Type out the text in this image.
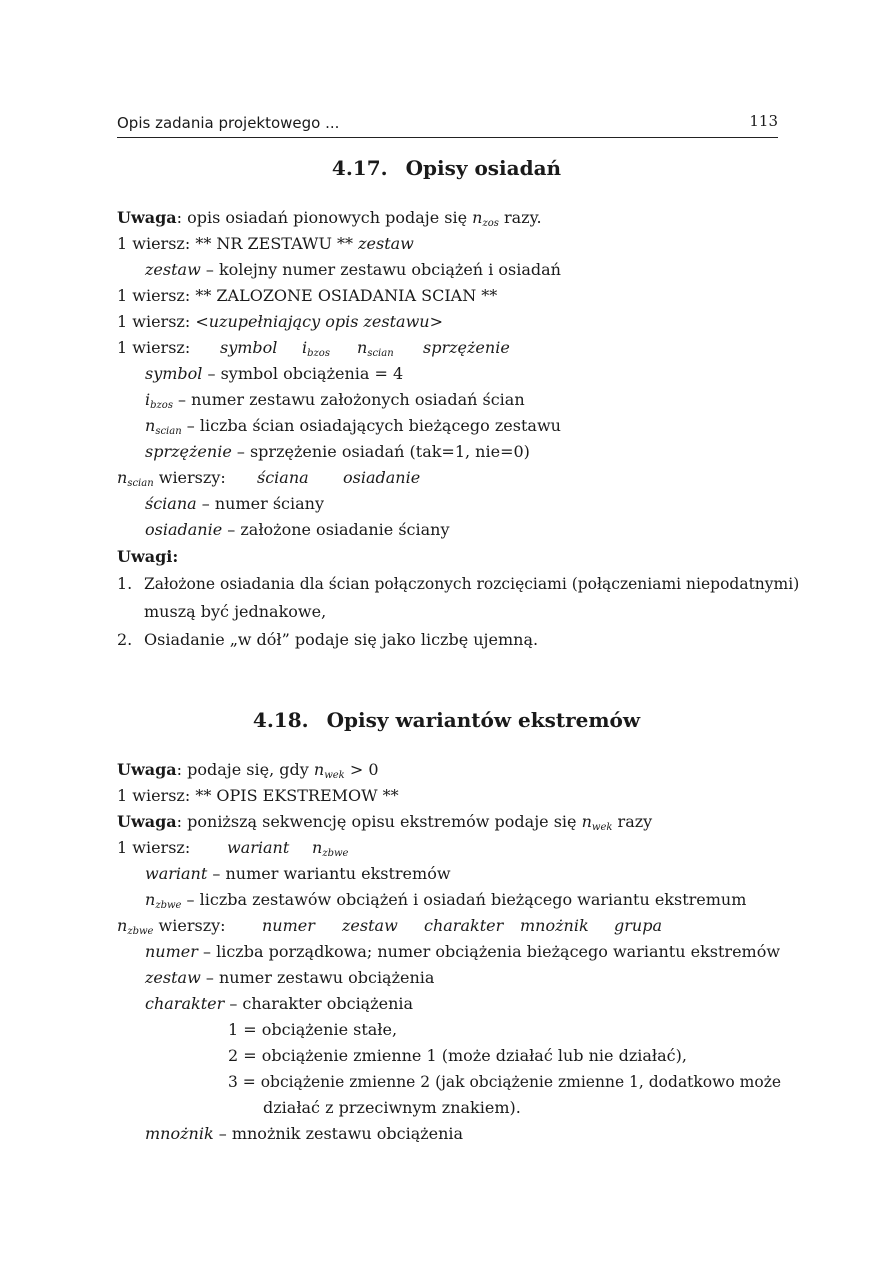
Opis zadania projektowego ...	113
4.17. Opisy osiadań
Uwaga: opis osiadań pionowych podaje się $n_{zos}$ razy.
1 wiersz: ** NR ZESTAWU ** zestaw
zestaw – kolejny numer zestawu obciążeń i osiadań
1 wiersz: ** ZALOZONE OSIADANIA SCIAN **
1 wiersz: <uzupełniający opis zestawu>
1 wiersz: symbol $i_{bzos}$ $n_{scian}$ sprzężenie
symbol – symbol obciążenia = 4
$i_{bzos}$ – numer zestawu założonych osiadań ścian
$n_{scian}$ – liczba ścian osiadających bieżącego zestawu
sprzężenie – sprzężenie osiadań (tak=1, nie=0)
$n_{scian}$ wierszy: ściana osiadanie
ściana – numer ściany
osiadanie – założone osiadanie ściany
Uwagi:
1. Założone osiadania dla ścian połączonych rozcięciami (połączeniami niepodatnymi)
muszą być jednakowe,
2. Osiadanie „w dół” podaje się jako liczbę ujemną.
4.18. Opisy wariantów ekstremów
Uwaga: podaje się, gdy $n_{wek} > 0$
1 wiersz: ** OPIS EKSTREMOW **
Uwaga: poniższą sekwencję opisu ekstremów podaje się $n_{wek}$ razy
1 wiersz: wariant $n_{zbwe}$
wariant – numer wariantu ekstremów
$n_{zbwe}$ – liczba zestawów obciążeń i osiadań bieżącego wariantu ekstremum
$n_{zbwe}$ wierszy: numer zestaw charakter mnożnik grupa
numer – liczba porządkowa; numer obciążenia bieżącego wariantu ekstremów
zestaw – numer zestawu obciążenia
charakter – charakter obciążenia
1 = obciążenie stałe,
2 = obciążenie zmienne 1 (może działać lub nie działać),
3 = obciążenie zmienne 2 (jak obciążenie zmienne 1, dodatkowo może
działać z przeciwnym znakiem).
mnożnik – mnożnik zestawu obciążenia
